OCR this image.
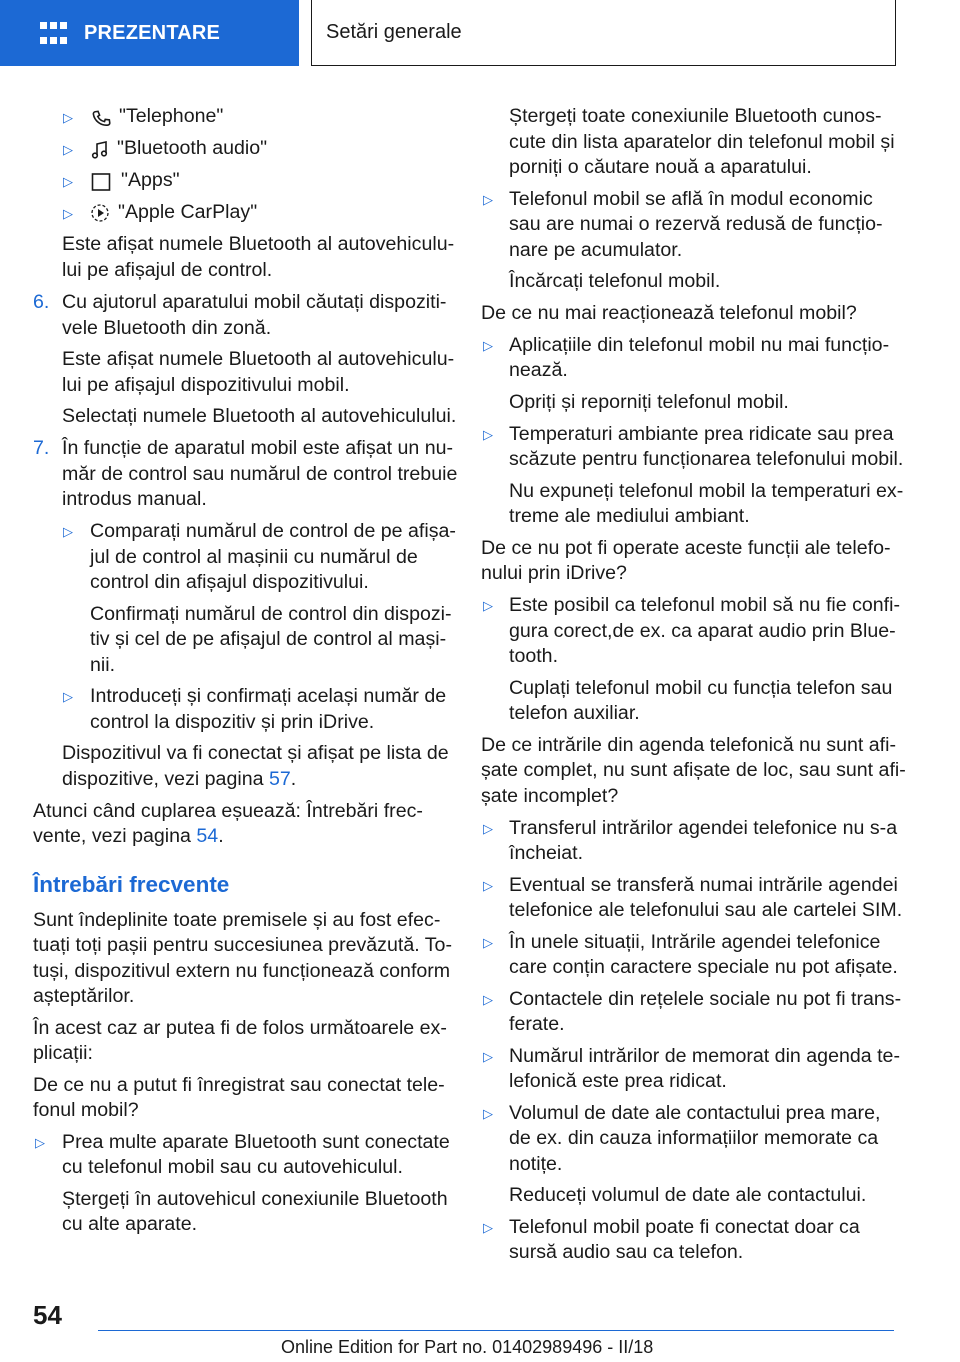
PREZENTARE	Setări generale
▷ "Telephone"
▷ "Bluetooth audio"
▷ "Apps"
▷ "Apple CarPlay"
Este afișat numele Bluetooth al autovehiculu‐
lui pe afișajul de control.
6. Cu ajutorul aparatului mobil căutați dispoziti‐
vele Bluetooth din zonă.
Este afișat numele Bluetooth al autovehiculu‐
lui pe afișajul dispozitivului mobil.
Selectați numele Bluetooth al autovehiculului.
7. În funcție de aparatul mobil este afișat un nu‐
măr de control sau numărul de control trebuie
introdus manual.
▷ Comparați numărul de control de pe afișa‐
jul de control al mașinii cu numărul de
control din afișajul dispozitivului.
Confirmați numărul de control din dispozi‐
tiv și cel de pe afișajul de control al mași‐
nii.
▷ Introduceți și confirmați același număr de
control la dispozitiv și prin iDrive.
Dispozitivul va fi conectat și afișat pe lista de
dispozitive, vezi pagina 57.
Atunci când cuplarea eșuează: Întrebări frec‐
vente, vezi pagina 54.
Întrebări frecvente
Sunt îndeplinite toate premisele și au fost efec‐
tuați toți pașii pentru succesiunea prevăzută. To‐
tuși, dispozitivul extern nu funcționează conform
așteptărilor.
În acest caz ar putea fi de folos următoarele ex‐
plicații:
De ce nu a putut fi înregistrat sau conectat tele‐
fonul mobil?
▷ Prea multe aparate Bluetooth sunt conectate
cu telefonul mobil sau cu autovehiculul.
Ștergeți în autovehicul conexiunile Bluetooth
cu alte aparate.
Ștergeți toate conexiunile Bluetooth cunos‐
cute din lista aparatelor din telefonul mobil și
porniți o căutare nouă a aparatului.
▷ Telefonul mobil se află în modul economic
sau are numai o rezervă redusă de funcțio‐
nare pe acumulator.
Încărcați telefonul mobil.
De ce nu mai reacționează telefonul mobil?
▷ Aplicațiile din telefonul mobil nu mai funcțio‐
nează.
Opriți și reporniți telefonul mobil.
▷ Temperaturi ambiante prea ridicate sau prea
scăzute pentru funcționarea telefonului mobil.
Nu expuneți telefonul mobil la temperaturi ex‐
treme ale mediului ambiant.
De ce nu pot fi operate aceste funcții ale telefo‐
nului prin iDrive?
▷ Este posibil ca telefonul mobil să nu fie confi‐
gura corect,de ex. ca aparat audio prin Blue‐
tooth.
Cuplați telefonul mobil cu funcția telefon sau
telefon auxiliar.
De ce intrările din agenda telefonică nu sunt afi‐
șate complet, nu sunt afișate de loc, sau sunt afi‐
șate incomplet?
▷ Transferul intrărilor agendei telefonice nu s-a
încheiat.
▷ Eventual se transferă numai intrările agendei
telefonice ale telefonului sau ale cartelei SIM.
▷ În unele situații, Intrările agendei telefonice
care conțin caractere speciale nu pot afișate.
▷ Contactele din rețelele sociale nu pot fi trans‐
ferate.
▷ Numărul intrărilor de memorat din agenda te‐
lefonică este prea ridicat.
▷ Volumul de date ale contactului prea mare,
de ex. din cauza informațiilor memorate ca
notițe.
Reduceți volumul de date ale contactului.
▷ Telefonul mobil poate fi conectat doar ca
sursă audio sau ca telefon.
54
Online Edition for Part no. 01402989496 - II/18
